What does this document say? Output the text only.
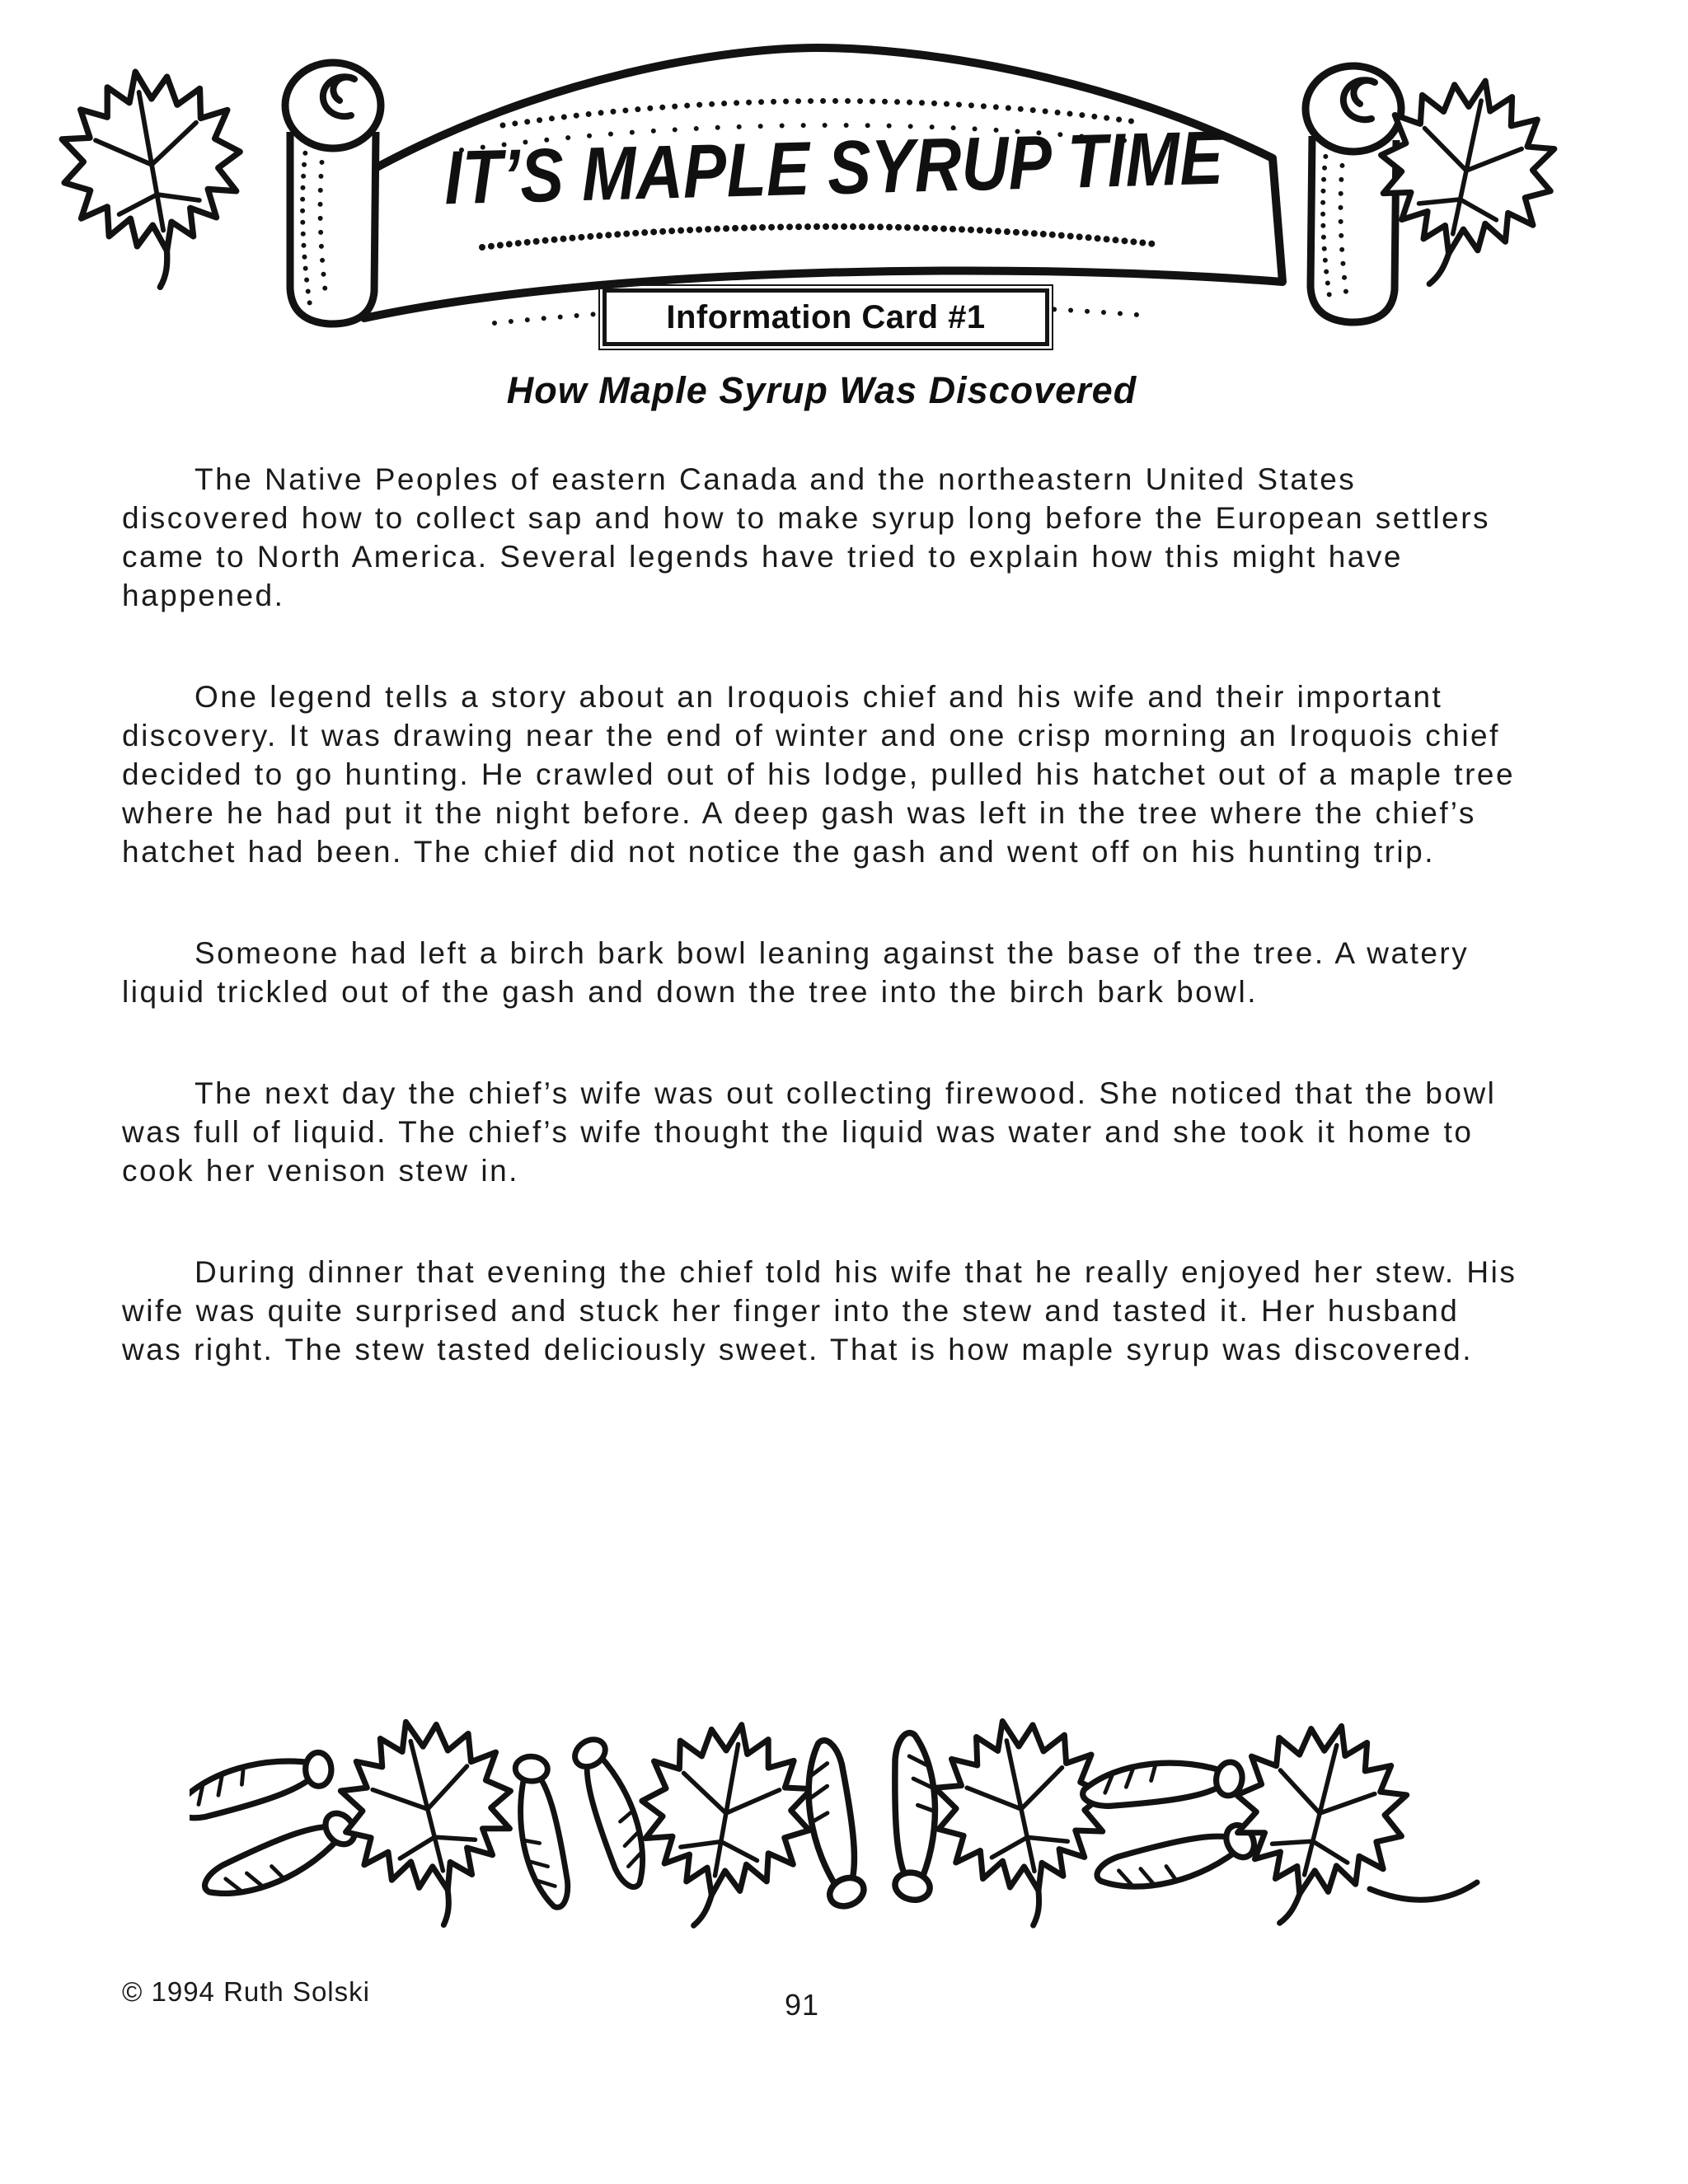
IT’S MAPLE SYRUP TIME
Information Card #1
How Maple Syrup Was Discovered

The Native Peoples of eastern Canada and the northeastern United States discovered how to collect sap and how to make syrup long before the European settlers came to North America. Several legends have tried to explain how this might have happened.

One legend tells a story about an Iroquois chief and his wife and their important discovery. It was drawing near the end of winter and one crisp morning an Iroquois chief decided to go hunting. He crawled out of his lodge, pulled his hatchet out of a maple tree where he had put it the night before. A deep gash was left in the tree where the chief’s hatchet had been. The chief did not notice the gash and went off on his hunting trip.

Someone had left a birch bark bowl leaning against the base of the tree. A watery liquid trickled out of the gash and down the tree into the birch bark bowl.

The next day the chief’s wife was out collecting firewood. She noticed that the bowl was full of liquid. The chief’s wife thought the liquid was water and she took it home to cook her venison stew in.

During dinner that evening the chief told his wife that he really enjoyed her stew. His wife was quite surprised and stuck her finger into the stew and tasted it. Her husband was right. The stew tasted deliciously sweet. That is how maple syrup was discovered.

© 1994 Ruth Solski	91
